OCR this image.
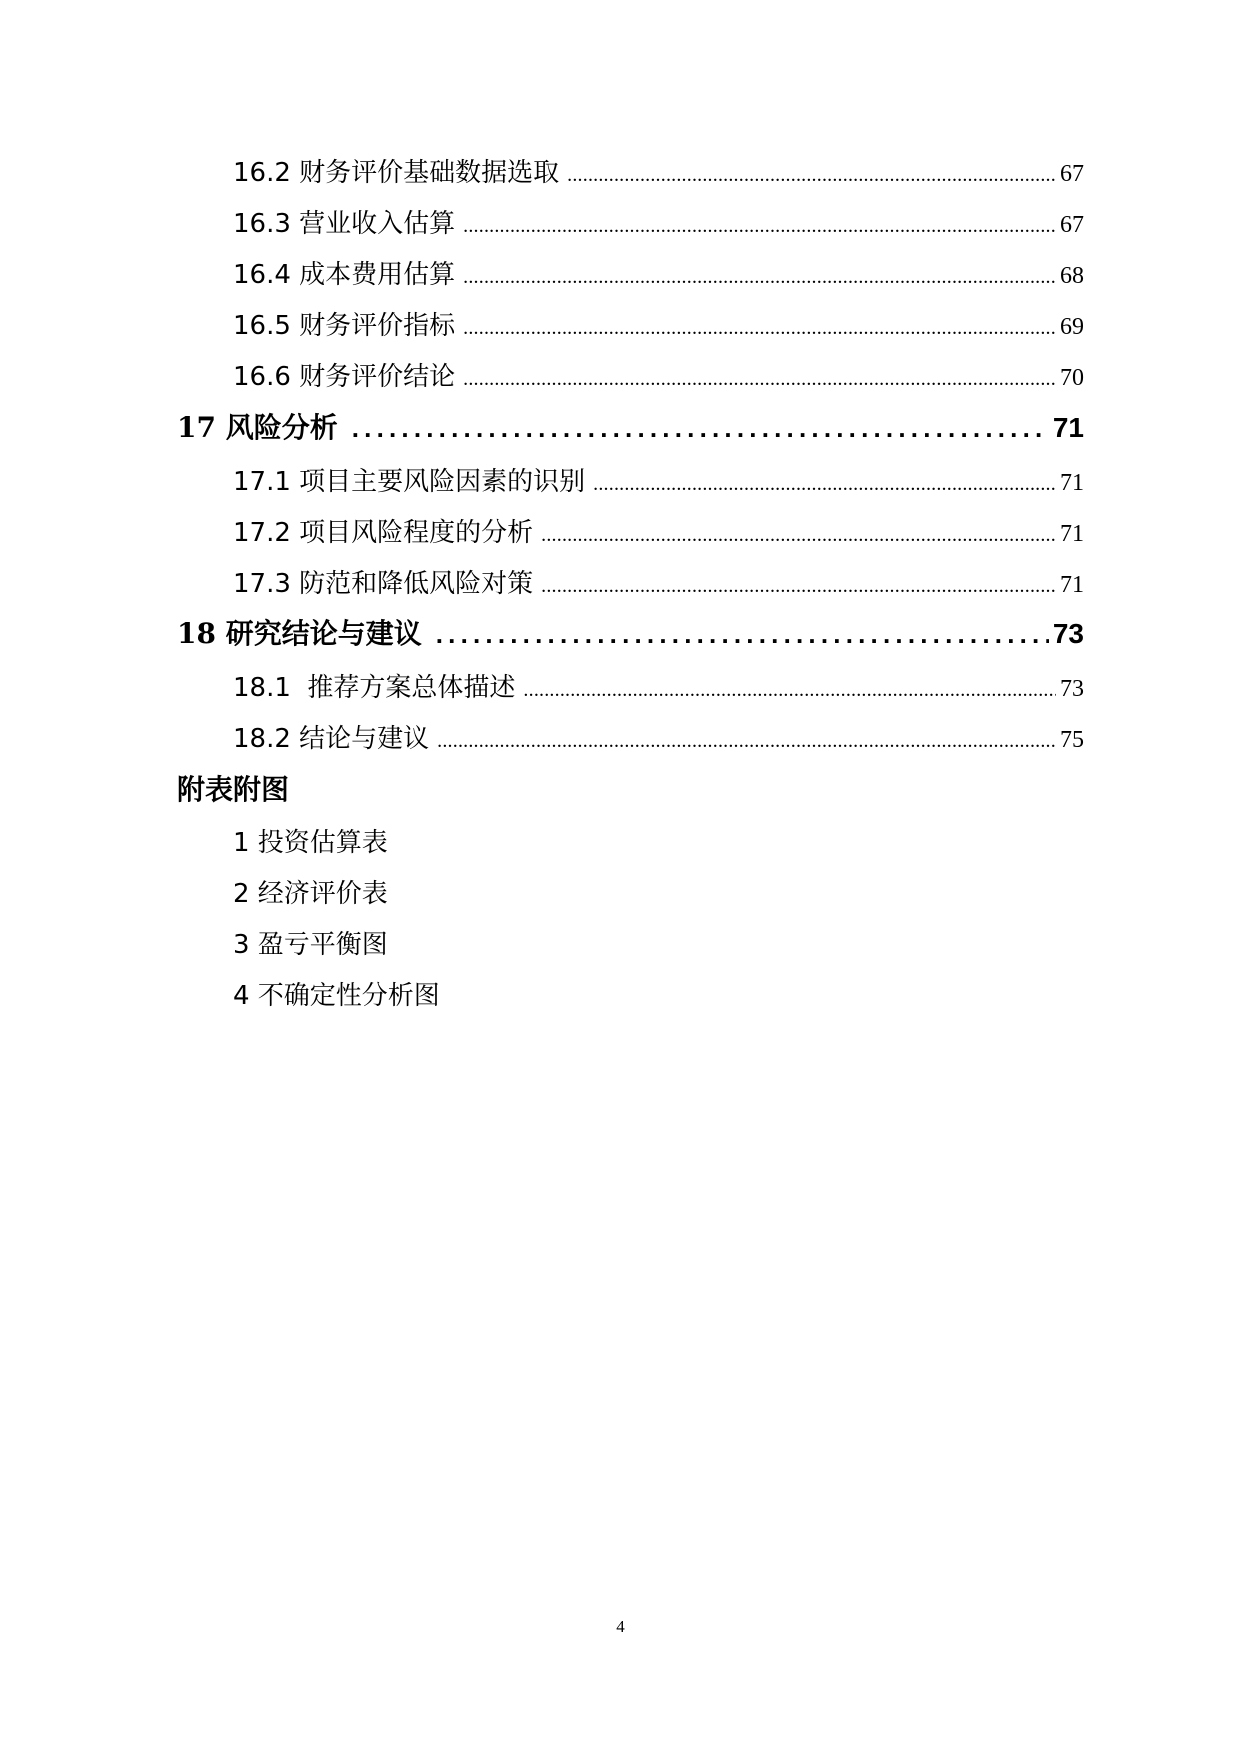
16.2 财务评价基础数据选取 .....	67
16.3 营业收入估算 .....	67
16.4 成本费用估算 .....	68
16.5 财务评价指标 .....	69
16.6 财务评价结论 .....	70
17 风险分析 .....	71
17.1 项目主要风险因素的识别 .....	71
17.2 项目风险程度的分析 .....	71
17.3 防范和降低风险对策 .....	71
18 研究结论与建议 .....	73
18.1  推荐方案总体描述 .....	73
18.2 结论与建议 .....	75
附表附图
1 投资估算表
2 经济评价表
3 盈亏平衡图
4 不确定性分析图
4
